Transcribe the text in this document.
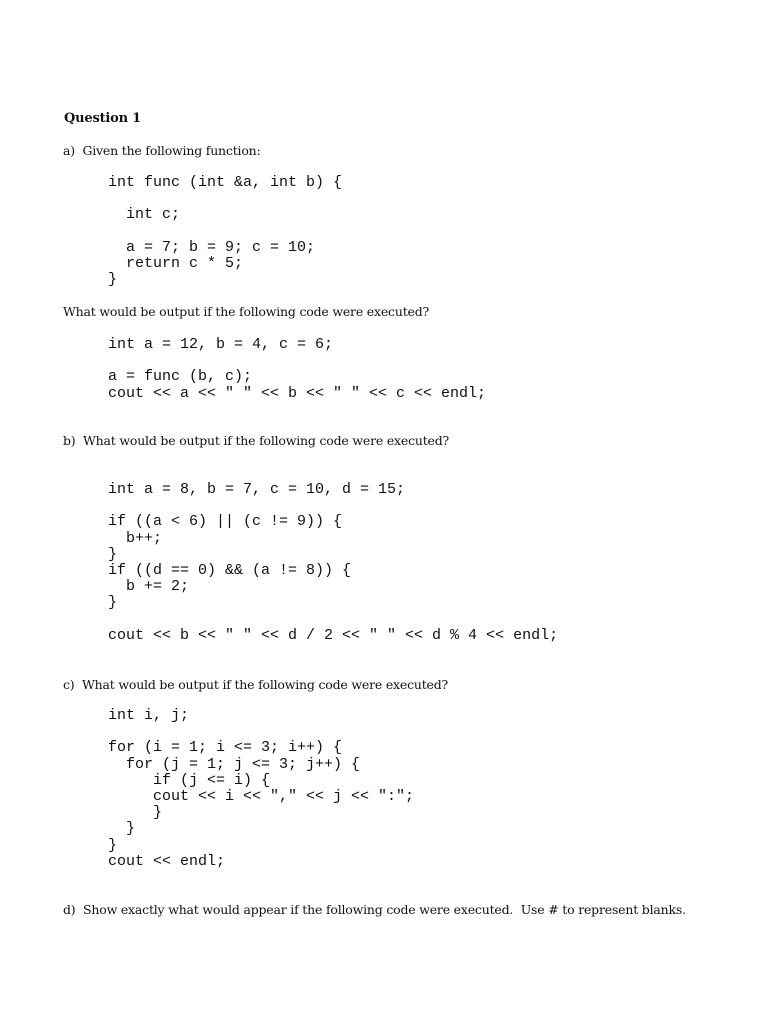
Question 1
a)  Given the following function:
int func (int &a, int b) {
int c;
a = 7; b = 9; c = 10;
return c * 5;
}
What would be output if the following code were executed?
int a = 12, b = 4, c = 6;
a = func (b, c);
cout << a << " " << b << " " << c << endl;
b)  What would be output if the following code were executed?
int a = 8, b = 7, c = 10, d = 15;
if ((a < 6) || (c != 9)) {
b++;
}
if ((d == 0) && (a != 8)) {
b += 2;
}
cout << b << " " << d / 2 << " " << d % 4 << endl;
c)  What would be output if the following code were executed?
int i, j;
for (i = 1; i <= 3; i++) {
for (j = 1; j <= 3; j++) {
if (j <= i) {
cout << i << "," << j << ":";
}
}
}
cout << endl;
d)  Show exactly what would appear if the following code were executed.  Use # to represent blanks.
